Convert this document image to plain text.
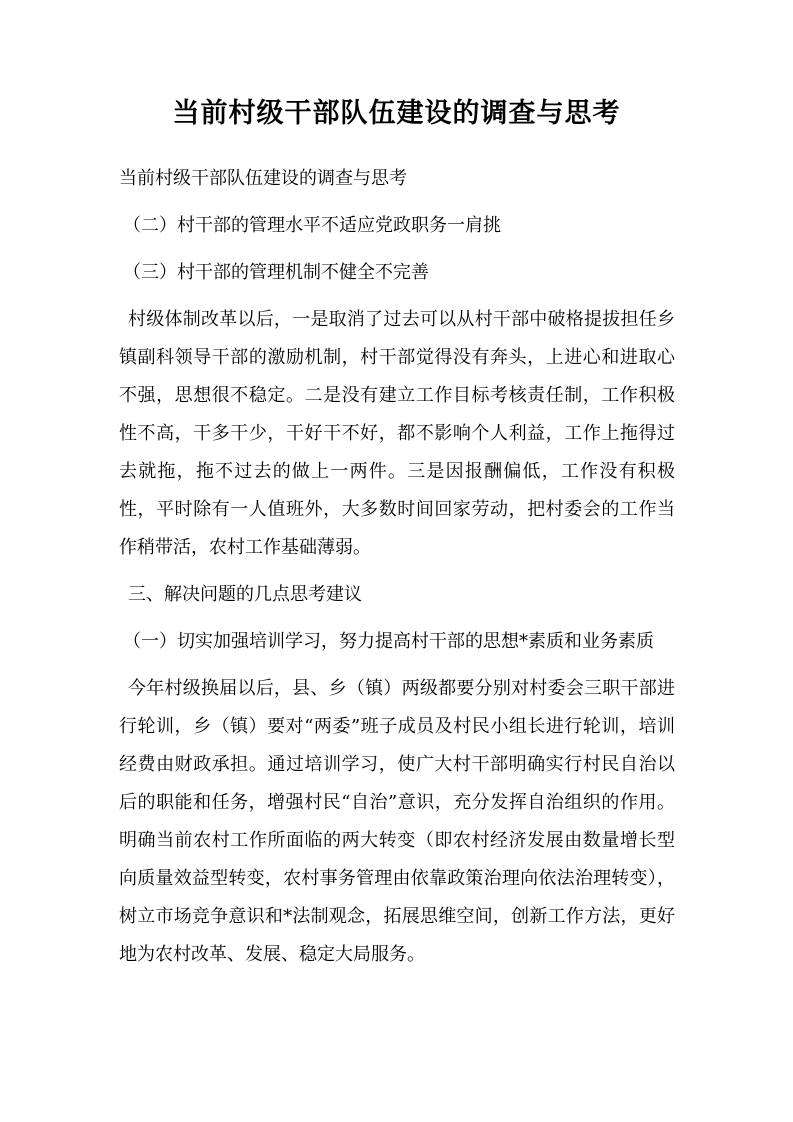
当前村级干部队伍建设的调查与思考

当前村级干部队伍建设的调查与思考

（二）村干部的管理水平不适应党政职务一肩挑

（三）村干部的管理机制不健全不完善

村级体制改革以后，一是取消了过去可以从村干部中破格提拔担任乡镇副科领导干部的激励机制，村干部觉得没有奔头，上进心和进取心不强，思想很不稳定。二是没有建立工作目标考核责任制，工作积极性不高，干多干少，干好干不好，都不影响个人利益，工作上拖得过去就拖，拖不过去的做上一两件。三是因报酬偏低，工作没有积极性，平时除有一人值班外，大多数时间回家劳动，把村委会的工作当作稍带活，农村工作基础薄弱。

三、解决问题的几点思考建议

（一）切实加强培训学习，努力提高村干部的思想*素质和业务素质

今年村级换届以后，县、乡（镇）两级都要分别对村委会三职干部进行轮训，乡（镇）要对“两委”班子成员及村民小组长进行轮训，培训经费由财政承担。通过培训学习，使广大村干部明确实行村民自治以后的职能和任务，增强村民“自治”意识，充分发挥自治组织的作用。明确当前农村工作所面临的两大转变（即农村经济发展由数量增长型向质量效益型转变，农村事务管理由依靠政策治理向依法治理转变），树立市场竞争意识和*法制观念，拓展思维空间，创新工作方法，更好地为农村改革、发展、稳定大局服务。
